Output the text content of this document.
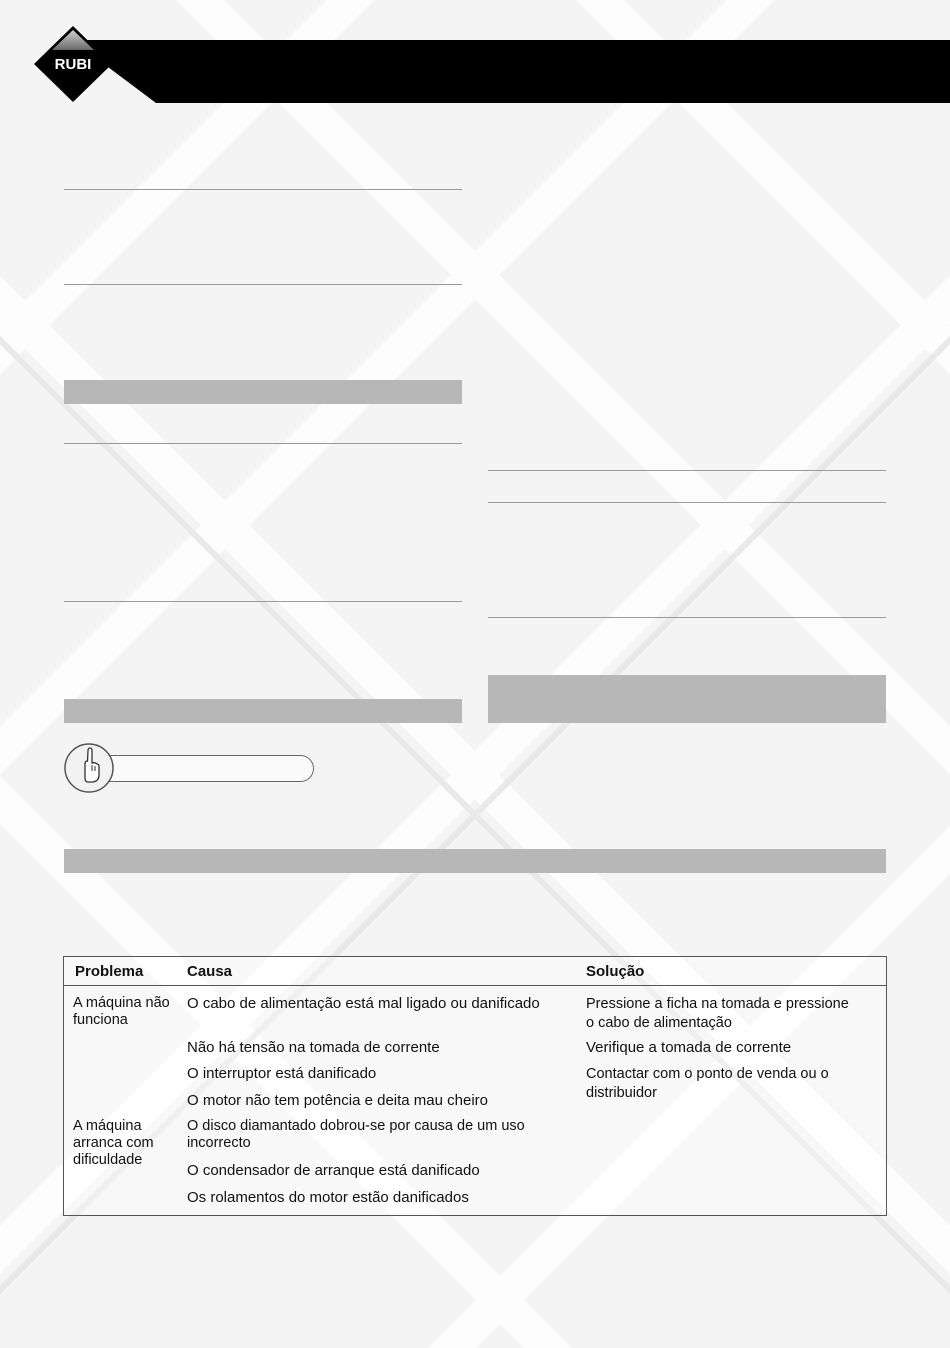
RUBI
Problema	Causa	Solução
A máquina não funciona
A máquina arranca com dificuldade
O cabo de alimentação está mal ligado ou danificado
Não há tensão na tomada de corrente
O interruptor está danificado
O motor não tem potência e deita mau cheiro
O disco diamantado dobrou-se por causa de um uso incorrecto
O condensador de arranque está danificado
Os rolamentos do motor estão danificados
Pressione a ficha na tomada e pressione o cabo de alimentação
Verifique a tomada de corrente
Contactar com o ponto de venda ou o distribuidor
